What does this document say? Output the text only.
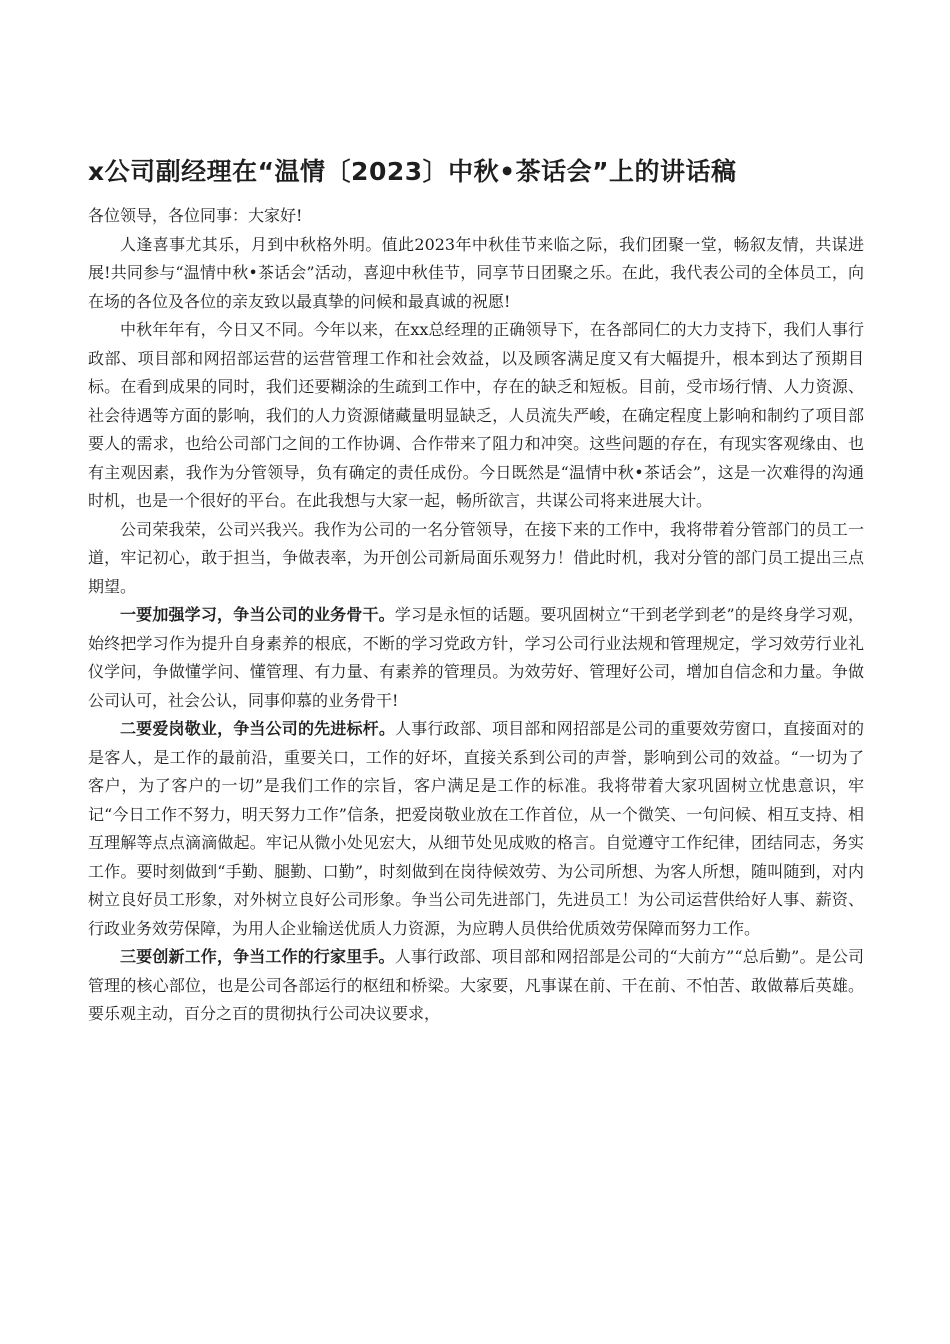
x公司副经理在“温情〔2023〕中秋•茶话会”上的讲话稿

各位领导，各位同事：大家好!

人逢喜事尤其乐，月到中秋格外明。值此2023年中秋佳节来临之际，我们团聚一堂，畅叙友情，共谋进展!共同参与“温情中秋•茶话会”活动，喜迎中秋佳节，同享节日团聚之乐。在此，我代表公司的全体员工，向在场的各位及各位的亲友致以最真挚的问候和最真诚的祝愿!

中秋年年有，今日又不同。今年以来，在xx总经理的正确领导下，在各部同仁的大力支持下，我们人事行政部、项目部和网招部运营的运营管理工作和社会效益，以及顾客满足度又有大幅提升，根本到达了预期目标。在看到成果的同时，我们还要糊涂的生疏到工作中，存在的缺乏和短板。目前，受市场行情、人力资源、社会待遇等方面的影响，我们的人力资源储藏量明显缺乏，人员流失严峻，在确定程度上影响和制约了项目部要人的需求，也给公司部门之间的工作协调、合作带来了阻力和冲突。这些问题的存在，有现实客观缘由、也有主观因素，我作为分管领导，负有确定的责任成份。今日既然是“温情中秋•茶话会”，这是一次难得的沟通时机，也是一个很好的平台。在此我想与大家一起，畅所欲言，共谋公司将来进展大计。

公司荣我荣，公司兴我兴。我作为公司的一名分管领导，在接下来的工作中，我将带着分管部门的员工一道，牢记初心，敢于担当，争做表率，为开创公司新局面乐观努力！借此时机，我对分管的部门员工提出三点期望。

一要加强学习，争当公司的业务骨干。学习是永恒的话题。要巩固树立“干到老学到老”的是终身学习观，始终把学习作为提升自身素养的根底，不断的学习党政方针，学习公司行业法规和管理规定，学习效劳行业礼仪学问，争做懂学问、懂管理、有力量、有素养的管理员。为效劳好、管理好公司，增加自信念和力量。争做公司认可，社会公认，同事仰慕的业务骨干!

二要爱岗敬业，争当公司的先进标杆。人事行政部、项目部和网招部是公司的重要效劳窗口，直接面对的是客人，是工作的最前沿，重要关口，工作的好坏，直接关系到公司的声誉，影响到公司的效益。“一切为了客户，为了客户的一切”是我们工作的宗旨，客户满足是工作的标准。我将带着大家巩固树立忧患意识，牢记“今日工作不努力，明天努力工作”信条，把爱岗敬业放在工作首位，从一个微笑、一句问候、相互支持、相互理解等点点滴滴做起。牢记从微小处见宏大，从细节处见成败的格言。自觉遵守工作纪律，团结同志，务实工作。要时刻做到“手勤、腿勤、口勤”，时刻做到在岗待候效劳、为公司所想、为客人所想，随叫随到，对内树立良好员工形象，对外树立良好公司形象。争当公司先进部门，先进员工！为公司运营供给好人事、薪资、行政业务效劳保障，为用人企业输送优质人力资源，为应聘人员供给优质效劳保障而努力工作。

三要创新工作，争当工作的行家里手。人事行政部、项目部和网招部是公司的“大前方”“总后勤”。是公司管理的核心部位，也是公司各部运行的枢纽和桥梁。大家要，凡事谋在前、干在前、不怕苦、敢做幕后英雄。要乐观主动，百分之百的贯彻执行公司决议要求，
